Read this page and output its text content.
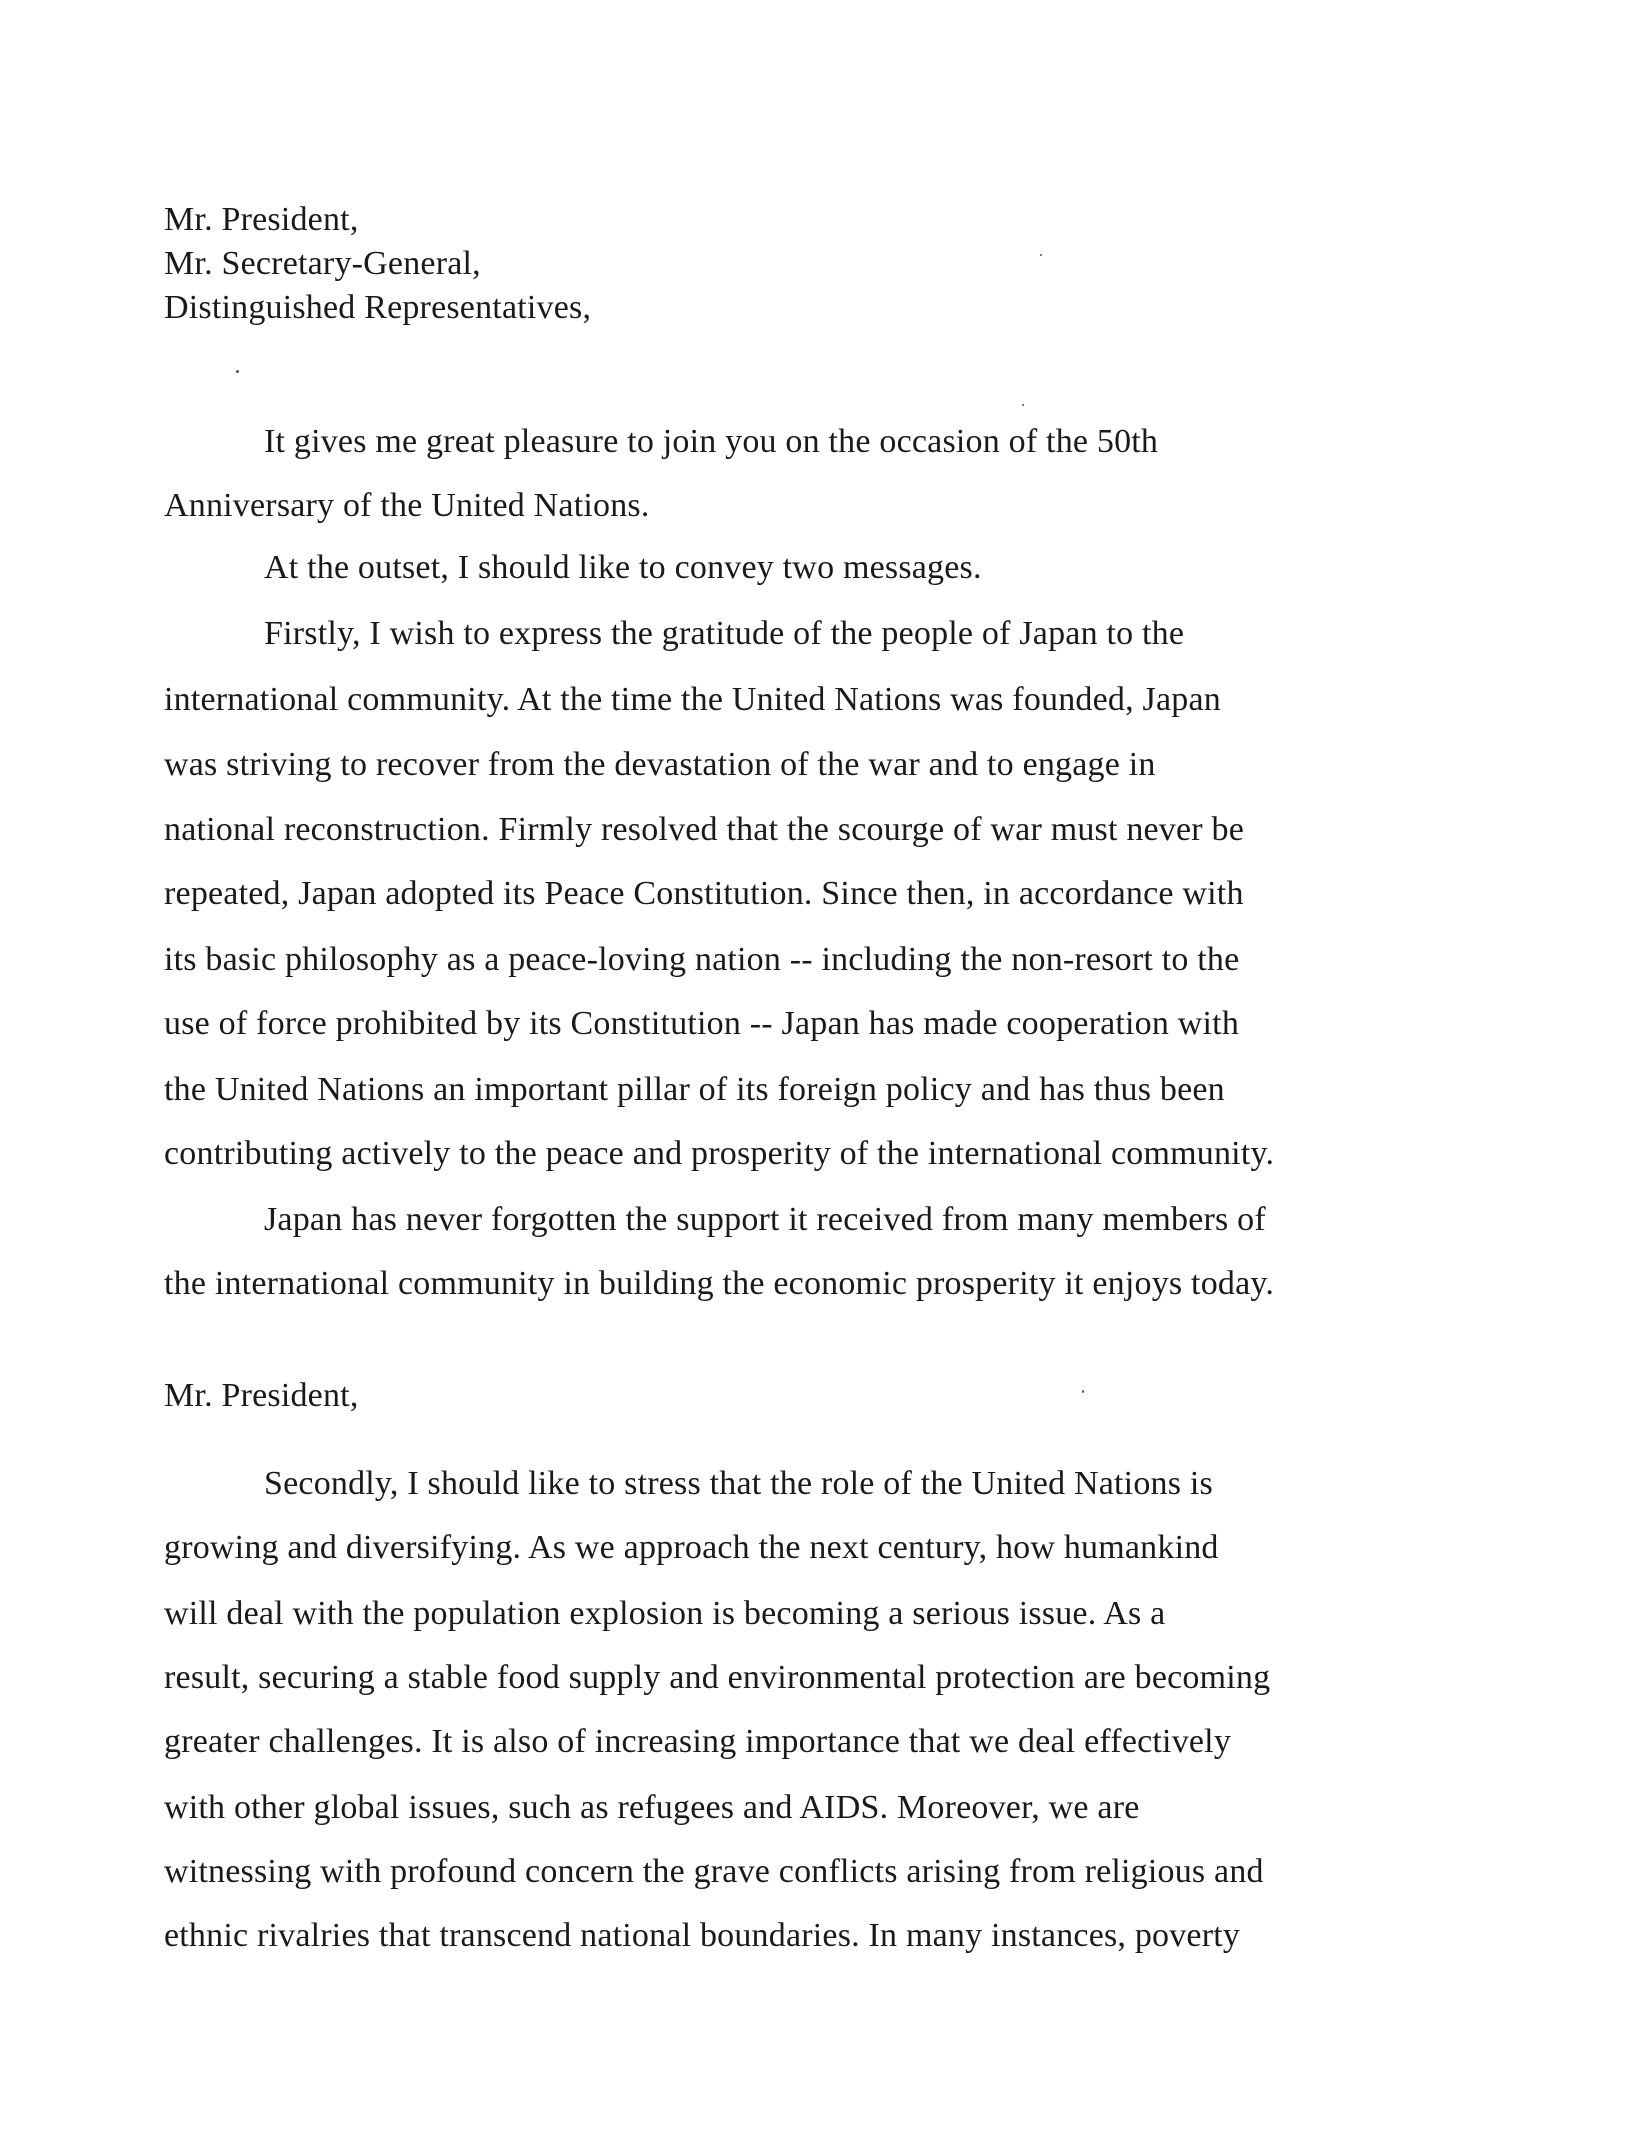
Mr. President,
Mr. Secretary-General,
Distinguished Representatives,
It gives me great pleasure to join you on the occasion of the 50th
Anniversary of the United Nations.
At the outset, I should like to convey two messages.
Firstly, I wish to express the gratitude of the people of Japan to the
international community. At the time the United Nations was founded, Japan
was striving to recover from the devastation of the war and to engage in
national reconstruction. Firmly resolved that the scourge of war must never be
repeated, Japan adopted its Peace Constitution. Since then, in accordance with
its basic philosophy as a peace-loving nation -- including the non-resort to the
use of force prohibited by its Constitution -- Japan has made cooperation with
the United Nations an important pillar of its foreign policy and has thus been
contributing actively to the peace and prosperity of the international community.
Japan has never forgotten the support it received from many members of
the international community in building the economic prosperity it enjoys today.
Mr. President,
Secondly, I should like to stress that the role of the United Nations is
growing and diversifying. As we approach the next century, how humankind
will deal with the population explosion is becoming a serious issue. As a
result, securing a stable food supply and environmental protection are becoming
greater challenges. It is also of increasing importance that we deal effectively
with other global issues, such as refugees and AIDS. Moreover, we are
witnessing with profound concern the grave conflicts arising from religious and
ethnic rivalries that transcend national boundaries. In many instances, poverty
